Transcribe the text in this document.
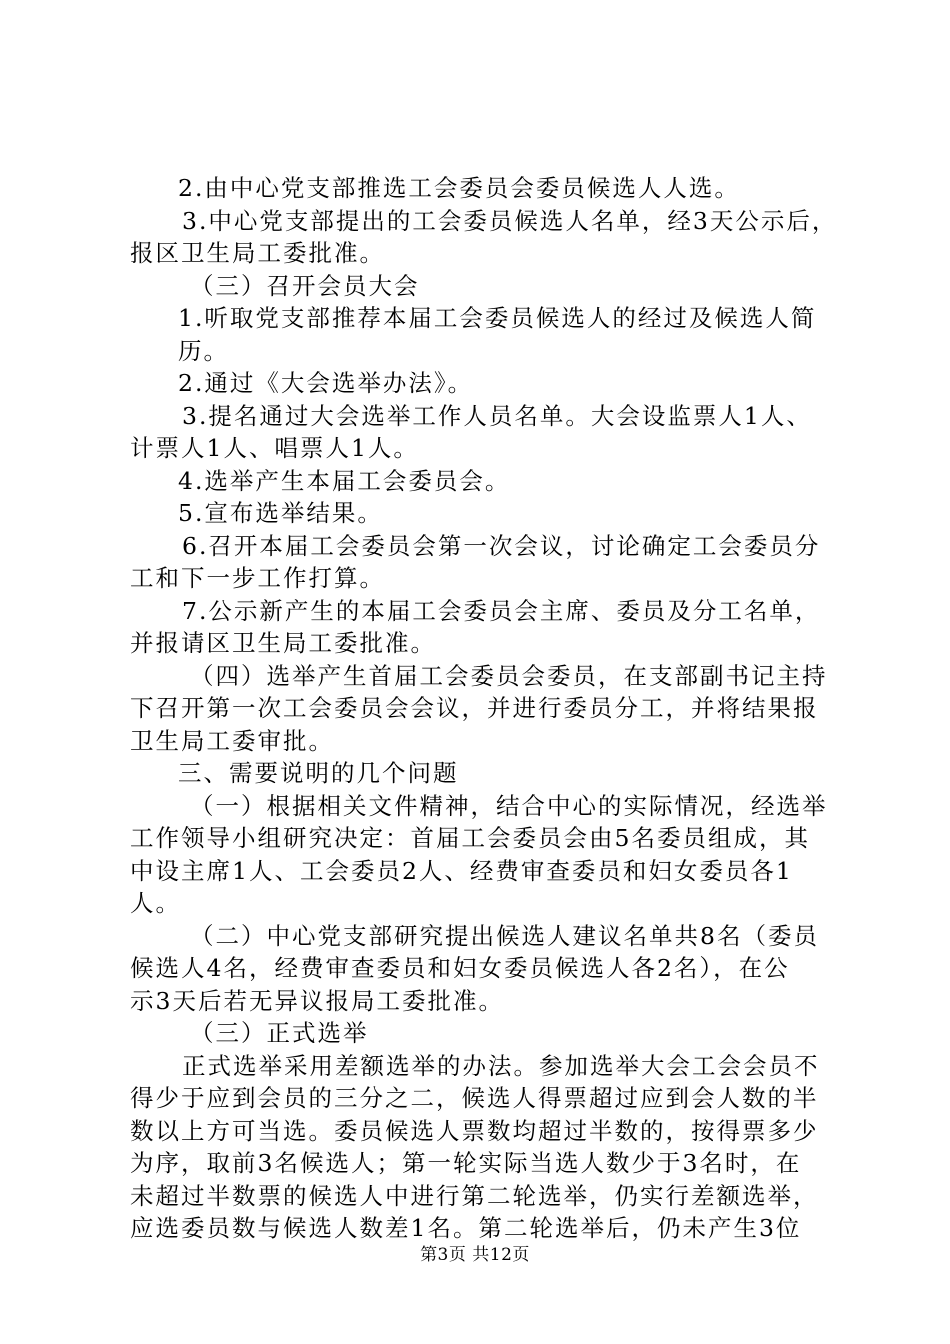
2.由中心党支部推选工会委员会委员候选人人选。
3.中心党支部提出的工会委员候选人名单，经3天公示后，
报区卫生局工委批准。
（三）召开会员大会
1.听取党支部推荐本届工会委员候选人的经过及候选人简
历。
2.通过《大会选举办法》。
3.提名通过大会选举工作人员名单。大会设监票人1人、
计票人1人、唱票人1人。
4.选举产生本届工会委员会。
5.宣布选举结果。
6.召开本届工会委员会第一次会议，讨论确定工会委员分
工和下一步工作打算。
7.公示新产生的本届工会委员会主席、委员及分工名单，
并报请区卫生局工委批准。
（四）选举产生首届工会委员会委员，在支部副书记主持
下召开第一次工会委员会会议，并进行委员分工，并将结果报
卫生局工委审批。
三、需要说明的几个问题
（一）根据相关文件精神，结合中心的实际情况，经选举
工作领导小组研究决定：首届工会委员会由5名委员组成，其
中设主席1人、工会委员2人、经费审查委员和妇女委员各1
人。
（二）中心党支部研究提出候选人建议名单共8名（委员
候选人4名，经费审查委员和妇女委员候选人各2名），在公
示3天后若无异议报局工委批准。
（三）正式选举
正式选举采用差额选举的办法。参加选举大会工会会员不
得少于应到会员的三分之二，候选人得票超过应到会人数的半
数以上方可当选。委员候选人票数均超过半数的，按得票多少
为序，取前3名候选人；第一轮实际当选人数少于3名时，在
未超过半数票的候选人中进行第二轮选举，仍实行差额选举，
应选委员数与候选人数差1名。第二轮选举后，仍未产生3位
第3页 共12页
